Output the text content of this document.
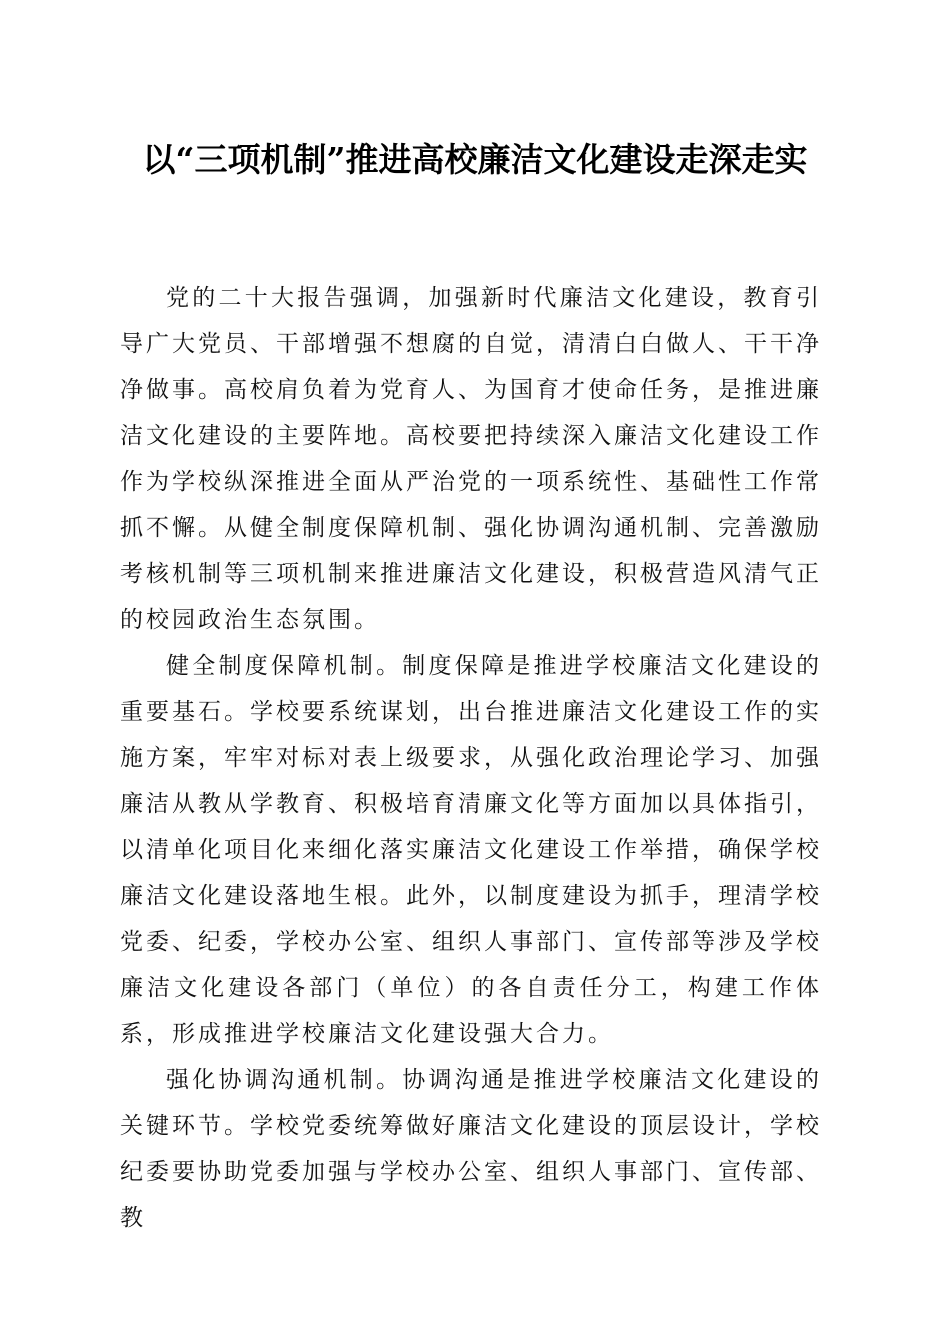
以“三项机制”推进高校廉洁文化建设走深走实

党的二十大报告强调，加强新时代廉洁文化建设，教育引导广大党员、干部增强不想腐的自觉，清清白白做人、干干净净做事。高校肩负着为党育人、为国育才使命任务，是推进廉洁文化建设的主要阵地。高校要把持续深入廉洁文化建设工作作为学校纵深推进全面从严治党的一项系统性、基础性工作常抓不懈。从健全制度保障机制、强化协调沟通机制、完善激励考核机制等三项机制来推进廉洁文化建设，积极营造风清气正的校园政治生态氛围。

健全制度保障机制。制度保障是推进学校廉洁文化建设的重要基石。学校要系统谋划，出台推进廉洁文化建设工作的实施方案，牢牢对标对表上级要求，从强化政治理论学习、加强廉洁从教从学教育、积极培育清廉文化等方面加以具体指引，以清单化项目化来细化落实廉洁文化建设工作举措，确保学校廉洁文化建设落地生根。此外，以制度建设为抓手，理清学校党委、纪委，学校办公室、组织人事部门、宣传部等涉及学校廉洁文化建设各部门（单位）的各自责任分工，构建工作体系，形成推进学校廉洁文化建设强大合力。

强化协调沟通机制。协调沟通是推进学校廉洁文化建设的关键环节。学校党委统筹做好廉洁文化建设的顶层设计，学校纪委要协助党委加强与学校办公室、组织人事部门、宣传部、教
